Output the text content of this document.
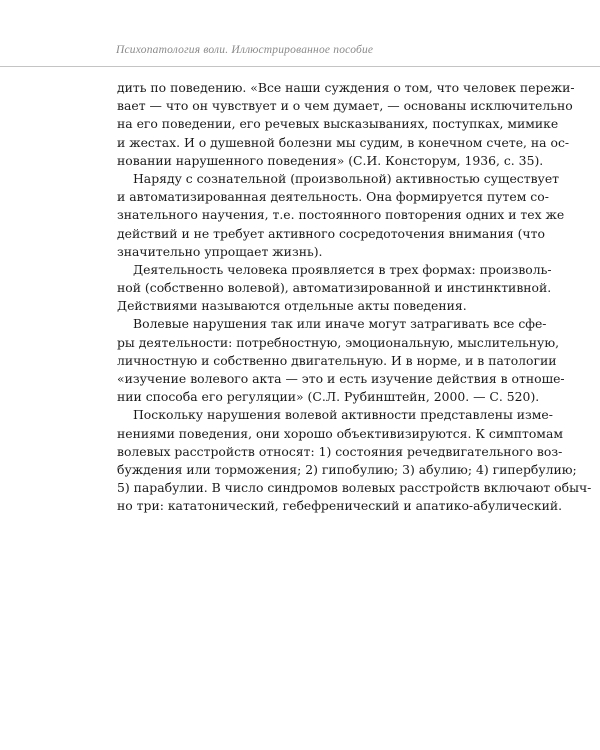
Психопатология воли. Иллюстрированное пособие
дить по поведению. «Все наши суждения о том, что человек пережи-
вает — что он чувствует и о чем думает, — основаны исключительно
на его поведении, его речевых высказываниях, поступках, мимике
и жестах. И о душевной болезни мы судим, в конечном счете, на ос-
новании нарушенного поведения» (С.И. Консторум, 1936, с. 35).
Наряду с сознательной (произвольной) активностью существует
и автоматизированная деятельность. Она формируется путем со-
знательного научения, т.е. постоянного повторения одних и тех же
действий и не требует активного сосредоточения внимания (что
значительно упрощает жизнь).
Деятельность человека проявляется в трех формах: произволь-
ной (собственно волевой), автоматизированной и инстинктивной.
Действиями называются отдельные акты поведения.
Волевые нарушения так или иначе могут затрагивать все сфе-
ры деятельности: потребностную, эмоциональную, мыслительную,
личностную и собственно двигательную. И в норме, и в патологии
«изучение волевого акта — это и есть изучение действия в отноше-
нии способа его регуляции» (С.Л. Рубинштейн, 2000. — С. 520).
Поскольку нарушения волевой активности представлены изме-
нениями поведения, они хорошо объективизируются. К симптомам
волевых расстройств относят: 1) состояния речедвигательного воз-
буждения или торможения; 2) гипобулию; 3) абулию; 4) гипербулию;
5) парабулии. В число синдромов волевых расстройств включают обыч-
но три: кататонический, гебефренический и апатико-абулический.
